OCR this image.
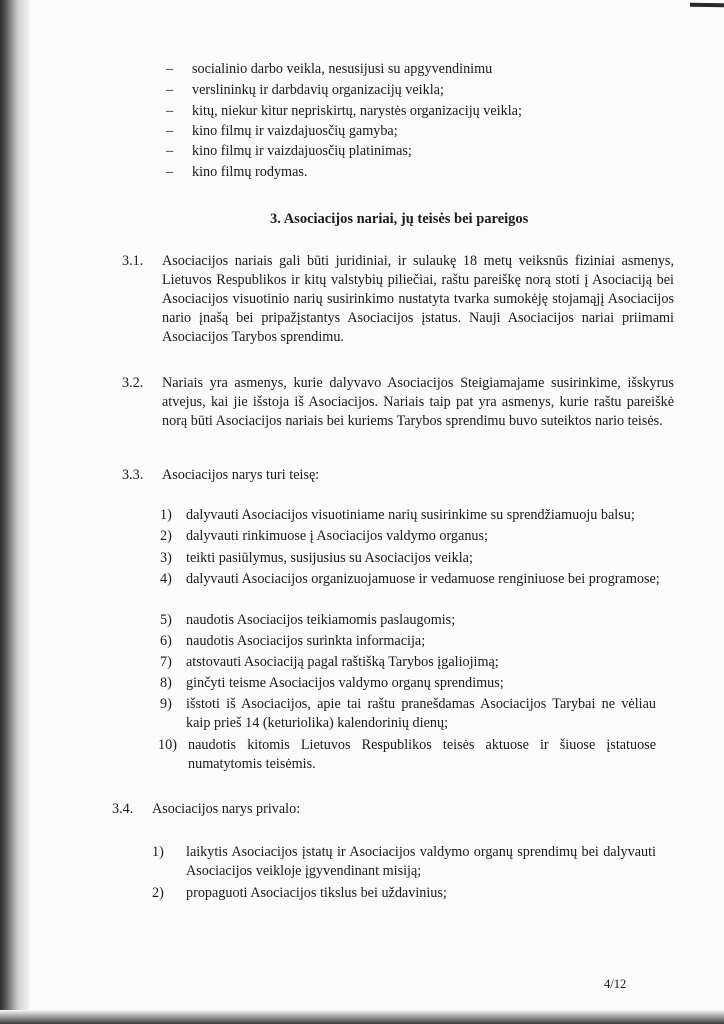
– socialinio darbo veikla, nesusijusi su apgyvendinimu
– verslininkų ir darbdavių organizacijų veikla;
– kitų, niekur kitur nepriskirtų, narystės organizacijų veikla;
– kino filmų ir vaizdajuosčių gamyba;
– kino filmų ir vaizdajuosčių platinimas;
– kino filmų rodymas.
3. Asociacijos nariai, jų teisės bei pareigos
3.1. Asociacijos nariais gali būti juridiniai, ir sulaukę 18 metų veiksnūs fiziniai asmenys, Lietuvos Respublikos ir kitų valstybių piliečiai, raštu pareiškę norą stoti į Asociaciją bei Asociacijos visuotinio narių susirinkimo nustatyta tvarka sumokėję stojamąjį Asociacijos nario įnašą bei pripažįstantys Asociacijos įstatus. Nauji Asociacijos nariai priimami Asociacijos Tarybos sprendimu.
3.2. Nariais yra asmenys, kurie dalyvavo Asociacijos Steigiamajame susirinkime, išskyrus atvejus, kai jie išstoja iš Asociacijos. Nariais taip pat yra asmenys, kurie raštu pareiškė norą būti Asociacijos nariais bei kuriems Tarybos sprendimu buvo suteiktos nario teisės.
3.3. Asociacijos narys turi teisę:
1) dalyvauti Asociacijos visuotiniame narių susirinkime su sprendžiamuoju balsu;
2) dalyvauti rinkimuose į Asociacijos valdymo organus;
3) teikti pasiūlymus, susijusius su Asociacijos veikla;
4) dalyvauti Asociacijos organizuojamuose ir vedamuose renginiuose bei programose;
5) naudotis Asociacijos teikiamomis paslaugomis;
6) naudotis Asociacijos surinkta informacija;
7) atstovauti Asociaciją pagal raštišką Tarybos įgaliojimą;
8) ginčyti teisme Asociacijos valdymo organų sprendimus;
9) išstoti iš Asociacijos, apie tai raštu pranešdamas Asociacijos Tarybai ne vėliau kaip prieš 14 (keturiolika) kalendorinių dienų;
10) naudotis kitomis Lietuvos Respublikos teisės aktuose ir šiuose įstatuose numatytomis teisėmis.
3.4. Asociacijos narys privalo:
1) laikytis Asociacijos įstatų ir Asociacijos valdymo organų sprendimų bei dalyvauti Asociacijos veikloje įgyvendinant misiją;
2) propaguoti Asociacijos tikslus bei uždavinius;
4/12
